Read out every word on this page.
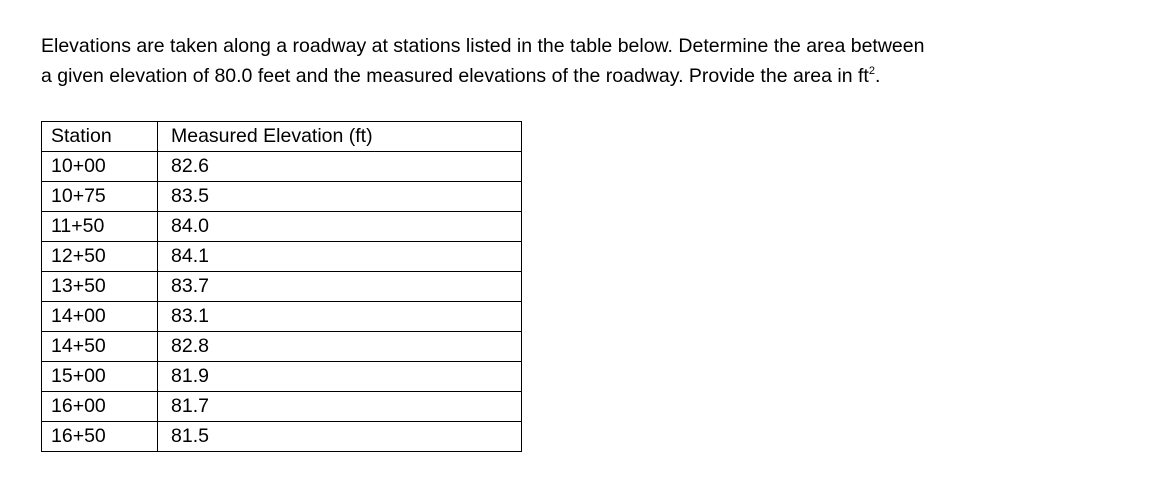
Elevations are taken along a roadway at stations listed in the table below. Determine the area between

a given elevation of 80.0 feet and the measured elevations of the roadway. Provide the area in $ft^2$.

Station	Measured Elevation (ft)
10+00	82.6
10+75	83.5
11+50	84.0
12+50	84.1
13+50	83.7
14+00	83.1
14+50	82.8
15+00	81.9
16+00	81.7
16+50	81.5
